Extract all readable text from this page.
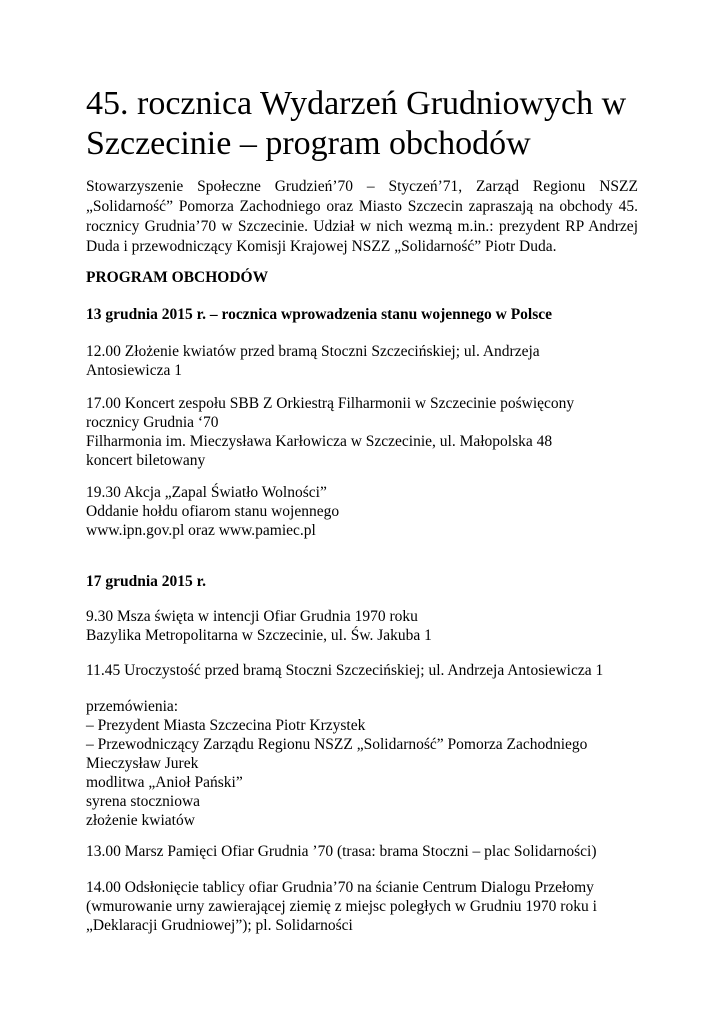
45. rocznica Wydarzeń Grudniowych w
Szczecinie – program obchodów

Stowarzyszenie Społeczne Grudzień’70 – Styczeń’71, Zarząd Regionu NSZZ
„Solidarność” Pomorza Zachodniego oraz Miasto Szczecin zapraszają na obchody 45.
rocznicy Grudnia’70 w Szczecinie. Udział w nich wezmą m.in.: prezydent RP Andrzej
Duda i przewodniczący Komisji Krajowej NSZZ „Solidarność” Piotr Duda.

PROGRAM OBCHODÓW

13 grudnia 2015 r. – rocznica wprowadzenia stanu wojennego w Polsce

12.00 Złożenie kwiatów przed bramą Stoczni Szczecińskiej; ul. Andrzeja
Antosiewicza 1

17.00 Koncert zespołu SBB Z Orkiestrą Filharmonii w Szczecinie poświęcony
rocznicy Grudnia ‘70
Filharmonia im. Mieczysława Karłowicza w Szczecinie, ul. Małopolska 48
koncert biletowany

19.30 Akcja „Zapal Światło Wolności”
Oddanie hołdu ofiarom stanu wojennego
www.ipn.gov.pl oraz www.pamiec.pl

17 grudnia 2015 r.

9.30 Msza święta w intencji Ofiar Grudnia 1970 roku
Bazylika Metropolitarna w Szczecinie, ul. Św. Jakuba 1

11.45 Uroczystość przed bramą Stoczni Szczecińskiej; ul. Andrzeja Antosiewicza 1

przemówienia:
– Prezydent Miasta Szczecina Piotr Krzystek
– Przewodniczący Zarządu Regionu NSZZ „Solidarność” Pomorza Zachodniego
Mieczysław Jurek
modlitwa „Anioł Pański”
syrena stoczniowa
złożenie kwiatów

13.00 Marsz Pamięci Ofiar Grudnia ’70 (trasa: brama Stoczni – plac Solidarności)

14.00 Odsłonięcie tablicy ofiar Grudnia’70 na ścianie Centrum Dialogu Przełomy
(wmurowanie urny zawierającej ziemię z miejsc poległych w Grudniu 1970 roku i
„Deklaracji Grudniowej”); pl. Solidarności
